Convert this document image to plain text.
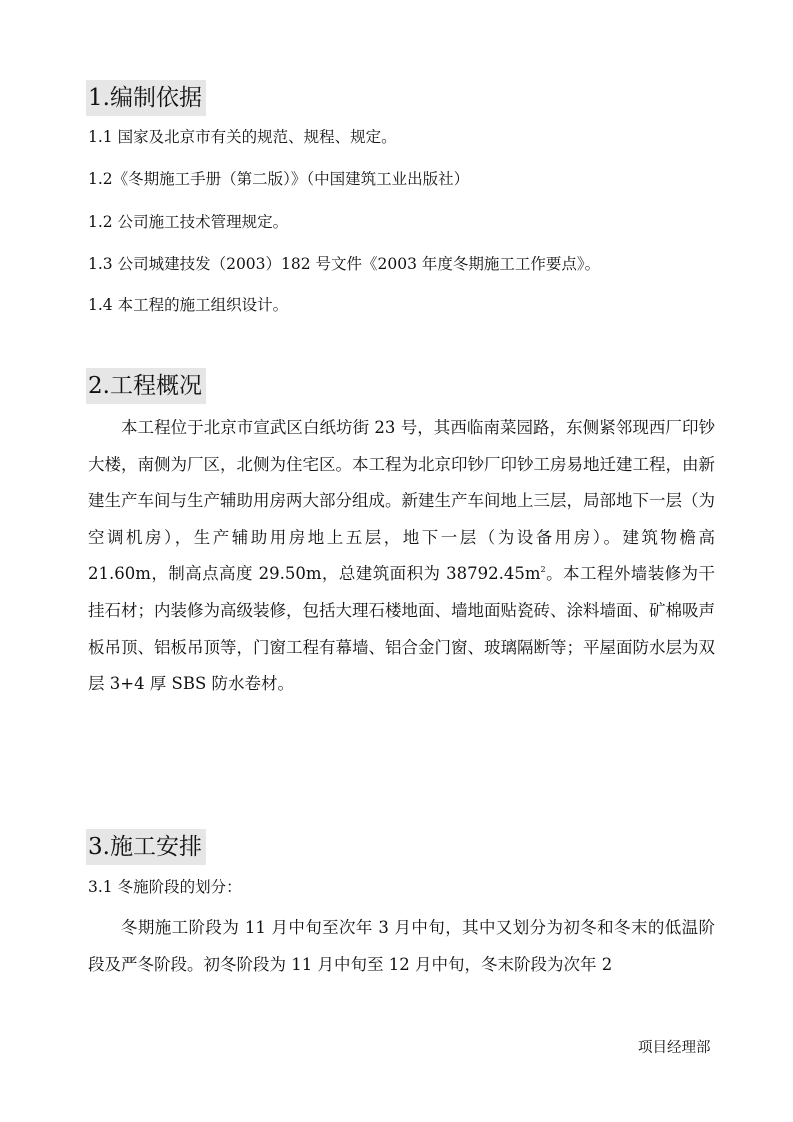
1.编制依据
1.1 国家及北京市有关的规范、规程、规定。
1.2《冬期施工手册（第二版）》（中国建筑工业出版社）
1.2 公司施工技术管理规定。
1.3 公司城建技发（2003）182 号文件《2003 年度冬期施工工作要点》。
1.4 本工程的施工组织设计。
2.工程概况

本工程位于北京市宣武区白纸坊街 23 号，其西临南菜园路，东侧紧邻现西厂印钞大楼，南侧为厂区，北侧为住宅区。本工程为北京印钞厂印钞工房易地迁建工程，由新建生产车间与生产辅助用房两大部分组成。新建生产车间地上三层，局部地下一层（为空调机房），生产辅助用房地上五层，地下一层（为设备用房）。建筑物檐高 21.60m，制高点高度 29.50m，总建筑面积为 $38792.45m^2$。本工程外墙装修为干挂石材；内装修为高级装修，包括大理石楼地面、墙地面贴瓷砖、涂料墙面、矿棉吸声板吊顶、铝板吊顶等，门窗工程有幕墙、铝合金门窗、玻璃隔断等；平屋面防水层为双层 3+4 厚 SBS 防水卷材。

3.施工安排
3.1 冬施阶段的划分：

冬期施工阶段为 11 月中旬至次年 3 月中旬，其中又划分为初冬和冬末的低温阶段及严冬阶段。初冬阶段为 11 月中旬至 12 月中旬，冬末阶段为次年 2

项目经理部
